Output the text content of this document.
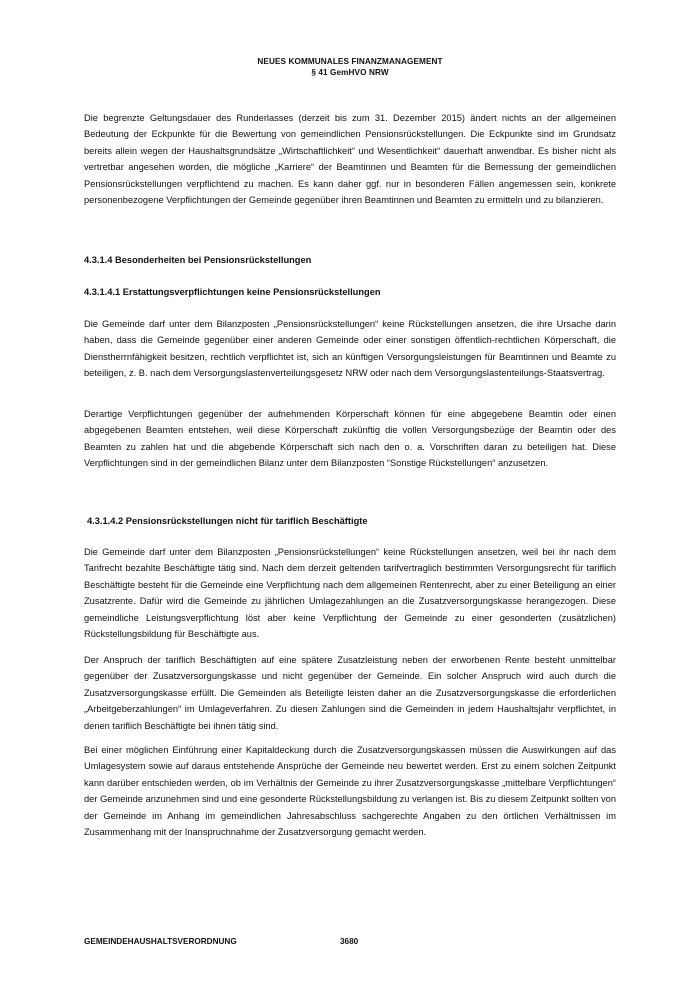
NEUES KOMMUNALES FINANZMANAGEMENT
§ 41 GemHVO NRW

Die begrenzte Geltungsdauer des Runderlasses (derzeit bis zum 31. Dezember 2015) ändert nichts an der allgemeinen Bedeutung der Eckpunkte für die Bewertung von gemeindlichen Pensionsrückstellungen. Die Eckpunkte sind im Grundsatz bereits allein wegen der Haushaltsgrundsätze „Wirtschaftlichkeit“ und Wesentlichkeit“ dauerhaft anwendbar. Es bisher nicht als vertretbar angesehen worden, die mögliche „Karriere“ der Beamtinnen und Beamten für die Bemessung der gemeindlichen Pensionsrückstellungen verpflichtend zu machen. Es kann daher ggf. nur in besonderen Fällen angemessen sein, konkrete personenbezogene Verpflichtungen der Gemeinde gegenüber ihren Beamtinnen und Beamten zu ermitteln und zu bilanzieren.

4.3.1.4 Besonderheiten bei Pensionsrückstellungen
4.3.1.4.1 Erstattungsverpflichtungen keine Pensionsrückstellungen

Die Gemeinde darf unter dem Bilanzposten „Pensionsrückstellungen“ keine Rückstellungen ansetzen, die ihre Ursache darin haben, dass die Gemeinde gegenüber einer anderen Gemeinde oder einer sonstigen öffentlich-rechtlichen Körperschaft, die Dienstherrnfähigkeit besitzen, rechtlich verpflichtet ist, sich an künftigen Versorgungsleistungen für Beamtinnen und Beamte zu beteiligen, z. B. nach dem Versorgungslastenverteilungsgesetz NRW oder nach dem Versorgungslastenteilungs-Staatsvertrag.

Derartige Verpflichtungen gegenüber der aufnehmenden Körperschaft können für eine abgegebene Beamtin oder einen abgegebenen Beamten entstehen, weil diese Körperschaft zukünftig die vollen Versorgungsbezüge der Beamtin oder des Beamten zu zahlen hat und die abgebende Körperschaft sich nach den o. a. Vorschriften daran zu beteiligen hat. Diese Verpflichtungen sind in der gemeindlichen Bilanz unter dem Bilanzposten “Sonstige Rückstellungen“ anzusetzen.

4.3.1.4.2 Pensionsrückstellungen nicht für tariflich Beschäftigte

Die Gemeinde darf unter dem Bilanzposten „Pensionsrückstellungen“ keine Rückstellungen ansetzen, weil bei ihr nach dem Tarifrecht bezahlte Beschäftigte tätig sind. Nach dem derzeit geltenden tarifvertraglich bestimmten Versorgungsrecht für tariflich Beschäftigte besteht für die Gemeinde eine Verpflichtung nach dem allgemeinen Rentenrecht, aber zu einer Beteiligung an einer Zusatzrente. Dafür wird die Gemeinde zu jährlichen Umlagezahlungen an die Zusatzversorgungskasse herangezogen. Diese gemeindliche Leistungsverpflichtung löst aber keine Verpflichtung der Gemeinde zu einer gesonderten (zusätzlichen) Rückstellungsbildung für Beschäftigte aus.

Der Anspruch der tariflich Beschäftigten auf eine spätere Zusatzleistung neben der erworbenen Rente besteht unmittelbar gegenüber der Zusatzversorgungskasse und nicht gegenüber der Gemeinde. Ein solcher Anspruch wird auch durch die Zusatzversorgungskasse erfüllt. Die Gemeinden als Beteiligte leisten daher an die Zusatzversorgungskasse die erforderlichen „Arbeitgeberzahlungen“ im Umlageverfahren. Zu diesen Zahlungen sind die Gemeinden in jedem Haushaltsjahr verpflichtet, in denen tariflich Beschäftigte bei ihnen tätig sind.

Bei einer möglichen Einführung einer Kapitaldeckung durch die Zusatzversorgungskassen müssen die Auswirkungen auf das Umlagesystem sowie auf daraus entstehende Ansprüche der Gemeinde neu bewertet werden. Erst zu einem solchen Zeitpunkt kann darüber entschieden werden, ob im Verhältnis der Gemeinde zu ihrer Zusatzversorgungskasse „mittelbare Verpflichtungen“ der Gemeinde anzunehmen sind und eine gesonderte Rückstellungsbildung zu verlangen ist. Bis zu diesem Zeitpunkt sollten von der Gemeinde im Anhang im gemeindlichen Jahresabschluss sachgerechte Angaben zu den örtlichen Verhältnissen im Zusammenhang mit der Inanspruchnahme der Zusatzversorgung gemacht werden.

GEMEINDEHAUSHALTSVERORDNUNG	3680
